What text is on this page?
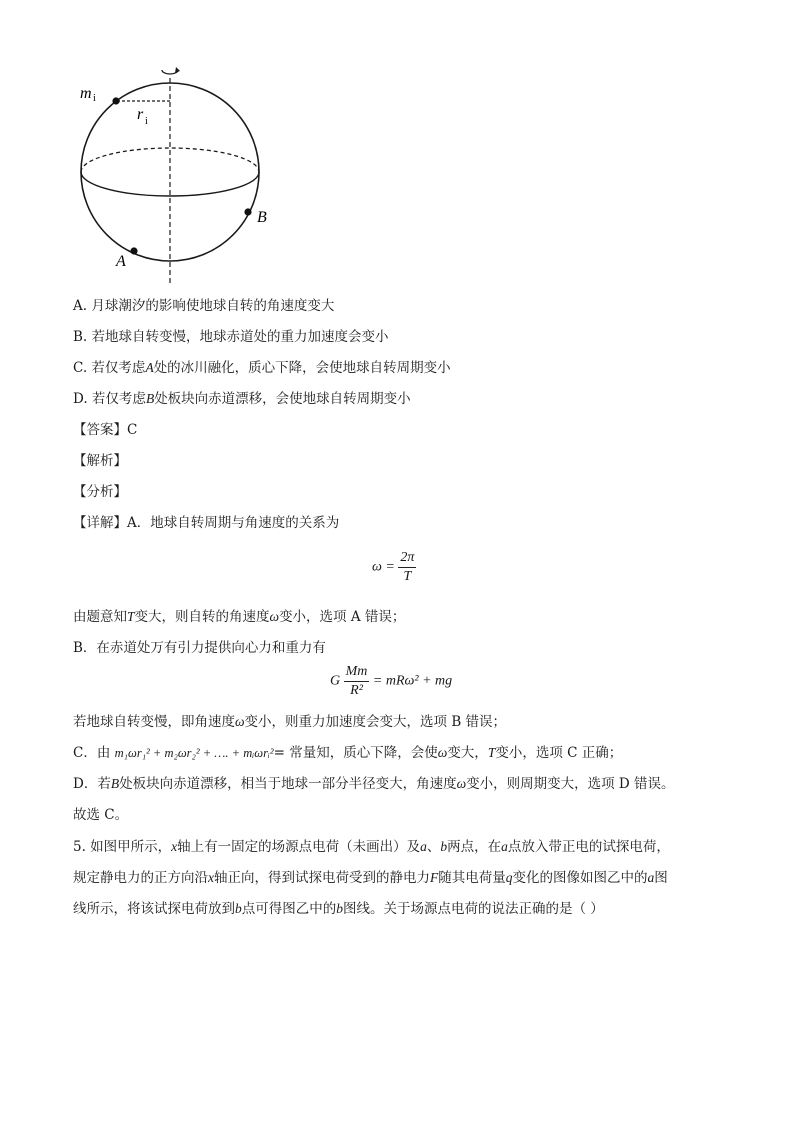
m i
r i
B
A
A. 月球潮汐的影响使地球自转的角速度变大
B. 若地球自转变慢，地球赤道处的重力加速度会变小
C. 若仅考虑A处的冰川融化，质心下降，会使地球自转周期变小
D. 若仅考虑B处板块向赤道漂移，会使地球自转周期变小
【答案】C
【解析】
【分析】
【详解】A．地球自转周期与角速度的关系为
$\omega = \frac{2\pi}{T}$
由题意知T变大，则自转的角速度ω变小，选项 A 错误；
B．在赤道处万有引力提供向心力和重力有
G $\frac{Mm}{\text{R²}} = mR\omega^2$ + mg
若地球自转变慢，即角速度ω变小，则重力加速度会变大，选项 B 错误；
C．由 m₁ωr₁² + m₂ωr₂² + …. + mᵢωrᵢ²= 常量知，质心下降，会使ω变大，T变小，选项 C 正确；
D．若B处板块向赤道漂移，相当于地球一部分半径变大，角速度ω变小，则周期变大，选项 D 错误。
故选 C。
5. 如图甲所示，x轴上有一固定的场源点电荷（未画出）及a、b两点，在a点放入带正电的试探电荷，
规定静电力的正方向沿x轴正向，得到试探电荷受到的静电力F随其电荷量q变化的图像如图乙中的a图
线所示，将该试探电荷放到b点可得图乙中的b图线。关于场源点电荷的说法正确的是（ ）
